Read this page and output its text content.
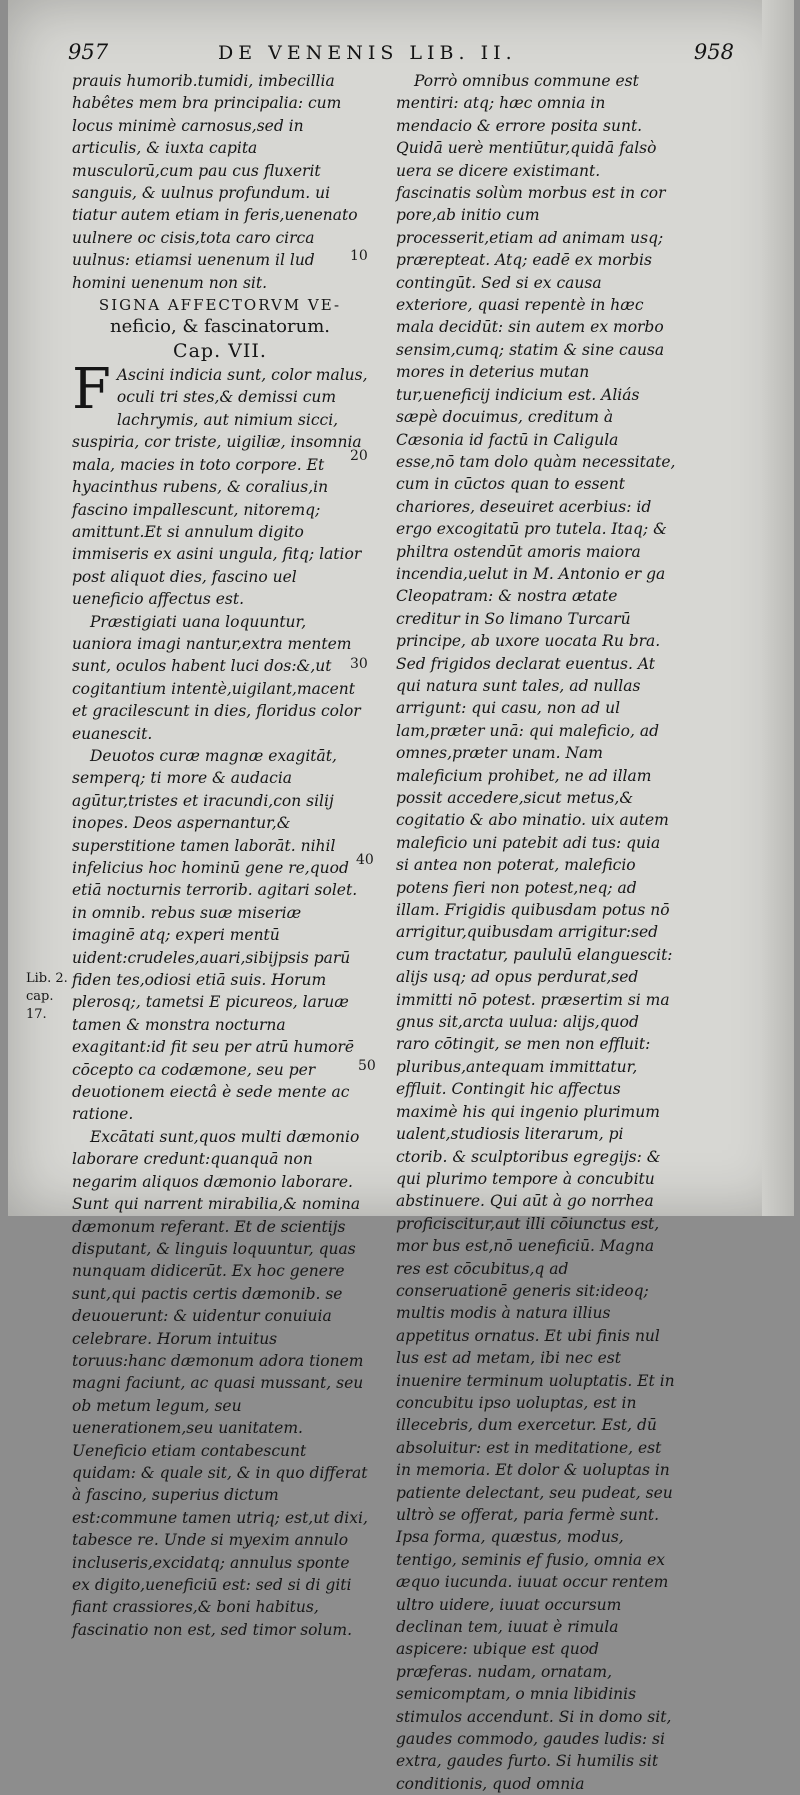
957	DE VENENIS LIB. II.	958

prauis humorib.tumidi, imbecillia habêtes mem bra principalia: cum locus minimè carnosus,sed in articulis, & iuxta capita musculorū,cum pau cus fluxerit sanguis, & uulnus profundum. ui tiatur autem etiam in feris,uenenato uulnere oc cisis,tota caro circa uulnus: etiamsi uenenum il lud homini uenenum non sit.

SIGNA AFFECTORVM VE-

neficio, & fascinatorum.

Cap. VII.

F Ascini indicia sunt, color malus, oculi tri stes,& demissi cum lachrymis, aut nimium sicci, suspiria, cor triste, uigiliæ, insomnia mala, macies in toto corpore. Et hyacinthus rubens, & coralius,in fascino impallescunt, nitoremq; amittunt.Et si annulum digito immiseris ex asini ungula, fitq; latior post aliquot dies, fascino uel ueneficio affectus est.

Præstigiati uana loquuntur, uaniora imagi nantur,extra mentem sunt, oculos habent luci dos:&,ut cogitantium intentè,uigilant,macent et gracilescunt in dies, floridus color euanescit.

Deuotos curæ magnæ exagitāt, semperq; ti more & audacia agūtur,tristes et iracundi,con silij inopes. Deos aspernantur,& superstitione tamen laborāt. nihil infelicius hoc hominū gene re,quod etiā nocturnis terrorib. agitari solet. in omnib. rebus suæ miseriæ imaginē atq; experi mentū uident:crudeles,auari,sibijpsis parū fiden tes,odiosi etiā suis. Horum plerosq;, tametsi E picureos, laruæ tamen & monstra nocturna exagitant:id fit seu per atrū humorē cōcepto ca codæmone, seu per deuotionem eiectâ è sede mente ac ratione.

Excātati sunt,quos multi dæmonio laborare credunt:quanquā non negarim aliquos dæmonio laborare. Sunt qui narrent mirabilia,& nomina dæmonum referant. Et de scientijs disputant, & linguis loquuntur, quas nunquam didicerūt. Ex hoc genere sunt,qui pactis certis dæmonib. se deuouerunt: & uidentur conuiuia celebrare. Horum intuitus toruus:hanc dæmonum adora tionem magni faciunt, ac quasi mussant, seu ob metum legum, seu uenerationem,seu uanitatem.

Ueneficio etiam contabescunt quidam: & quale sit, & in quo differat à fascino, superius dictum est:commune tamen utriq; est,ut dixi, tabesce re. Unde si myexim annulo incluseris,excidatq; annulus sponte ex digito,ueneficiū est: sed si di giti fiant crassiores,& boni habitus, fascinatio non est, sed timor solum.

Porrò omnibus commune est mentiri: atq; hæc omnia in mendacio & errore posita sunt. Quidā uerè mentiūtur,quidā falsò uera se dicere existimant. fascinatis solùm morbus est in cor pore,ab initio cum processerit,etiam ad animam usq; prærepteat. Atq; eadē ex morbis contingūt. Sed si ex causa exteriore, quasi repentè in hæc mala decidūt: sin autem ex morbo sensim,cumq; statim & sine causa mores in deterius mutan tur,ueneficij indicium est. Aliás sæpè docuimus, creditum à Cæsonia id factū in Caligula esse,nō tam dolo quàm necessitate, cum in cūctos quan to essent chariores, deseuiret acerbius: id ergo excogitatū pro tutela. Itaq; & philtra ostendūt amoris maiora incendia,uelut in M. Antonio er ga Cleopatram: & nostra ætate creditur in So limano Turcarū principe, ab uxore uocata Ru bra. Sed frigidos declarat euentus. At qui natura sunt tales, ad nullas arrigunt: qui casu, non ad ul lam,præter unā: qui maleficio, ad omnes,præter unam. Nam maleficium prohibet, ne ad illam possit accedere,sicut metus,& cogitatio & abo minatio. uix autem maleficio uni patebit adi tus: quia si antea non poterat, maleficio potens fieri non potest,neq; ad illam. Frigidis quibusdam potus nō arrigitur,quibusdam arrigitur:sed cum tractatur, paululū elanguescit: alijs usq; ad opus perdurat,sed immitti nō potest. præsertim si ma gnus sit,arcta uulua: alijs,quod raro cōtingit, se men non effluit: pluribus,antequam immittatur, effluit. Contingit hic affectus maximè his qui ingenio plurimum ualent,studiosis literarum, pi ctorib. & sculptoribus egregijs: & qui plurimo tempore à concubitu abstinuere. Qui aūt à go norrhea proficiscitur,aut illi cōiunctus est, mor bus est,nō ueneficiū. Magna res est cōcubitus,q ad conseruationē generis sit:ideoq; multis modis à natura illius appetitus ornatus. Et ubi finis nul lus est ad metam, ibi nec est inuenire terminum uoluptatis. Et in concubitu ipso uoluptas, est in illecebris, dum exercetur. Est, dū absoluitur: est in meditatione, est in memoria. Et dolor & uoluptas in patiente delectant, seu pudeat, seu ultrò se offerat, paria fermè sunt. Ipsa forma, quæstus, modus, tentigo, seminis ef fusio, omnia ex æquo iucunda. iuuat occur rentem ultro uidere, iuuat occursum declinan tem, iuuat è rimula aspicere: ubique est quod præferas. nudam, ornatam, semicomptam, o mnia libidinis stimulos accendunt. Si in domo sit, gaudes commodo, gaudes ludis: si extra, gaudes furto. Si humilis sit conditionis, quod omnia

10
20
30
40
50
Lib. 2. cap. 17.
